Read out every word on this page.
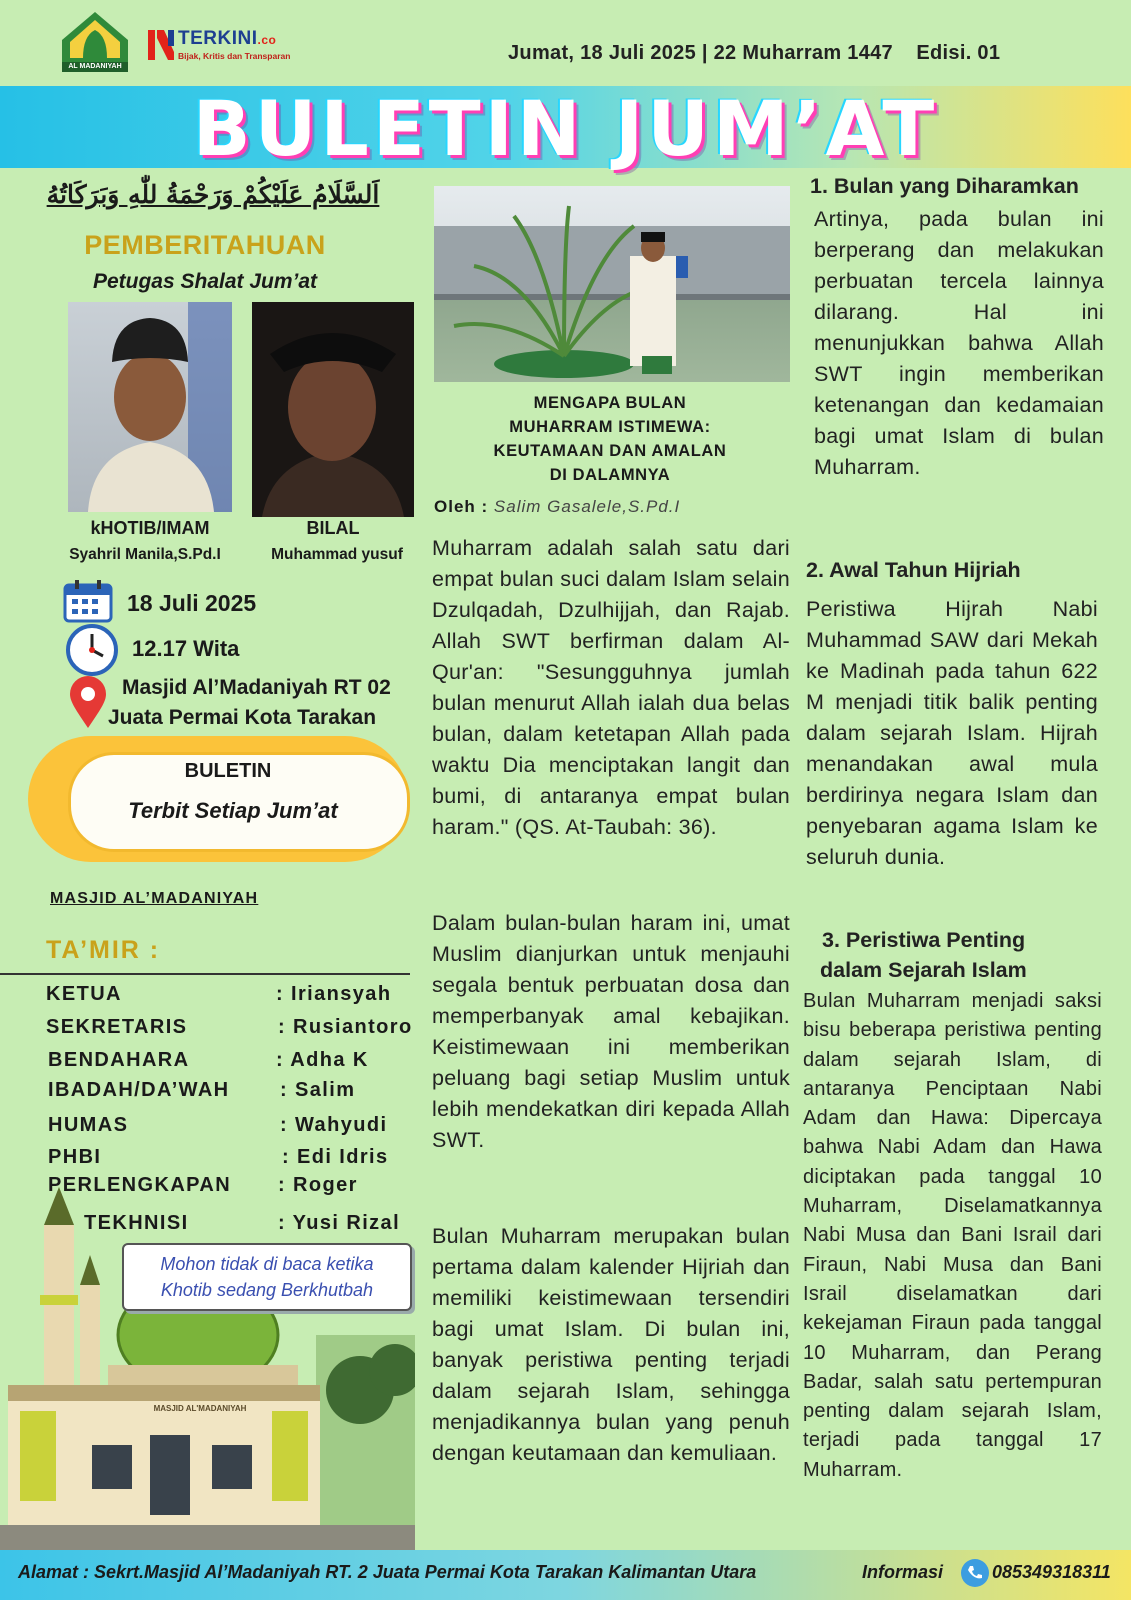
AL MADANIYAH
TERKINI.co
Bijak, Kritis dan Transparan	Jumat, 18 Juli 2025 | 22 Muharram 1447    Edisi. 01
BULETIN JUM’AT
اَلسَّلَامُ عَلَيْكُمْ وَرَحْمَةُ للّٰهِ وَبَرَكَاتُهُ
PEMBERITAHUAN
Petugas Shalat Jum’at
kHOTIB/IMAM
Syahril Manila,S.Pd.I
BILAL
Muhammad yusuf
18 Juli 2025
12.17 Wita
Masjid Al’Madaniyah RT 02
Juata Permai Kota Tarakan
BULETIN
Terbit Setiap Jum’at
MASJID AL’MADANIYAH
TA’MIR :
MASJID AL'MADANIYAH
KETUA	: Iriansyah
SEKRETARIS	: Rusiantoro
BENDAHARA	: Adha K
IBADAH/DA’WAH	: Salim
HUMAS	: Wahyudi
PHBI	: Edi Idris
PERLENGKAPAN : Roger
TEKHNISI	: Yusi Rizal
Mohon tidak di baca ketika
Khotib sedang Berkhutbah
MENGAPA BULAN
MUHARRAM ISTIMEWA:
KEUTAMAAN DAN AMALAN
DI DALAMNYA
Oleh : Salim Gasalele,S.Pd.I
Muharram adalah salah satu dari empat bulan suci dalam Islam selain Dzulqadah, Dzulhijjah, dan Rajab. Allah SWT berfirman dalam Al-Qur'an: "Sesungguhnya jumlah bulan menurut Allah ialah dua belas bulan, dalam ketetapan Allah pada waktu Dia menciptakan langit dan bumi, di antaranya empat bulan haram." (QS. At-Taubah: 36).
Dalam bulan-bulan haram ini, umat Muslim dianjurkan untuk menjauhi segala bentuk perbuatan dosa dan memperbanyak amal kebajikan. Keistimewaan ini memberikan peluang bagi setiap Muslim untuk lebih mendekatkan diri kepada Allah SWT.
Bulan Muharram merupakan bulan pertama dalam kalender Hijriah dan memiliki keistimewaan tersendiri bagi umat Islam. Di bulan ini, banyak peristiwa penting terjadi dalam sejarah Islam, sehingga menjadikannya bulan yang penuh dengan keutamaan dan kemuliaan.
1. Bulan yang Diharamkan
Artinya, pada bulan ini berperang dan melakukan perbuatan tercela lainnya dilarang. Hal ini menunjukkan bahwa Allah SWT ingin memberikan ketenangan dan kedamaian bagi umat Islam di bulan Muharram.
2. Awal Tahun Hijriah
Peristiwa Hijrah Nabi Muhammad SAW dari Mekah ke Madinah pada tahun 622 M menjadi titik balik penting dalam sejarah Islam. Hijrah menandakan awal mula berdirinya negara Islam dan penyebaran agama Islam ke seluruh dunia.
3. Peristiwa Penting
dalam Sejarah Islam
Bulan Muharram menjadi saksi bisu beberapa peristiwa penting dalam sejarah Islam, di antaranya Penciptaan Nabi Adam dan Hawa: Dipercaya bahwa Nabi Adam dan Hawa diciptakan pada tanggal 10 Muharram, Diselamatkannya Nabi Musa dan Bani Israil dari Firaun, Nabi Musa dan Bani Israil diselamatkan dari kekejaman Firaun pada tanggal 10 Muharram, dan Perang Badar, salah satu pertempuran penting dalam sejarah Islam, terjadi pada tanggal 17 Muharram.
Alamat : Sekrt.Masjid Al’Madaniyah RT. 2 Juata Permai Kota Tarakan Kalimantan Utara	Informasi	085349318311
